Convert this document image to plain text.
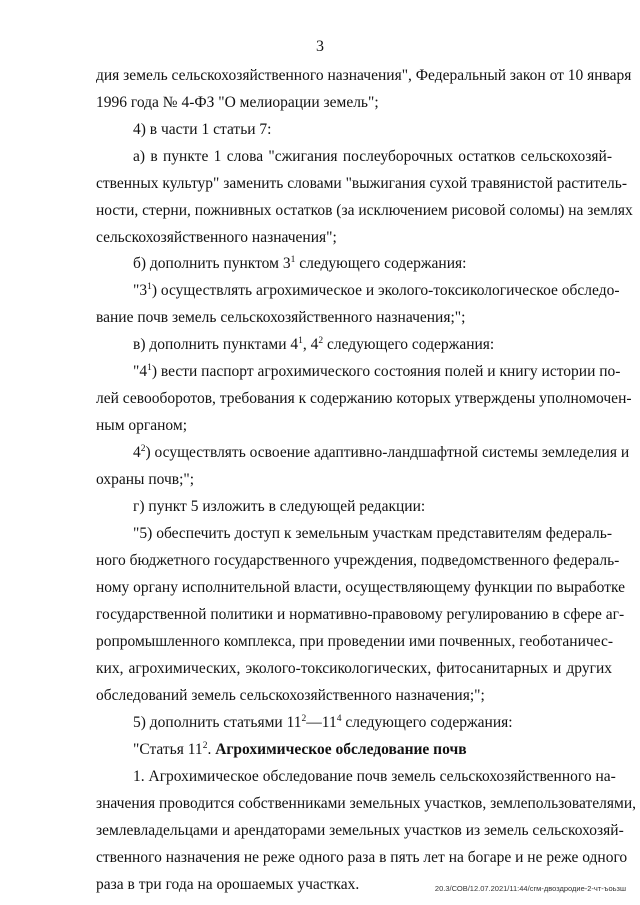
3
дия земель сельскохозяйственного назначения", Федеральный закон от 10 января
1996 года № 4-ФЗ "О мелиорации земель";
4) в части 1 статьи 7:
а) в пункте 1 слова "сжигания послеуборочных остатков сельскохозяй-
ственных культур" заменить словами "выжигания сухой травянистой раститель-
ности, стерни, пожнивных остатков (за исключением рисовой соломы) на землях
сельскохозяйственного назначения";
б) дополнить пунктом $3^1$ следующего содержания:
"$3^1$) осуществлять агрохимическое и эколого-токсикологическое обследо-
вание почв земель сельскохозяйственного назначения;";
в) дополнить пунктами $4^1$, $4^2$ следующего содержания:
"$4^1$) вести паспорт агрохимического состояния полей и книгу истории по-
лей севооборотов, требования к содержанию которых утверждены уполномочен-
ным органом;
$4^2$) осуществлять освоение адаптивно-ландшафтной системы земледелия и
охраны почв;";
г) пункт 5 изложить в следующей редакции:
"5) обеспечить доступ к земельным участкам представителям федераль-
ного бюджетного государственного учреждения, подведомственного федераль-
ному органу исполнительной власти, осуществляющему функции по выработке
государственной политики и нормативно-правовому регулированию в сфере аг-
ропромышленного комплекса, при проведении ими почвенных, геоботаничес-
ких, агрохимических, эколого-токсикологических, фитосанитарных и других
обследований земель сельскохозяйственного назначения;";
5) дополнить статьями $11^2—11^4$ следующего содержания:
"Статья $11^2$. Агрохимическое обследование почв
1. Агрохимическое обследование почв земель сельскохозяйственного на-
значения проводится собственниками земельных участков, землепользователями,
землевладельцами и арендаторами земельных участков из земель сельскохозяй-
ственного назначения не реже одного раза в пять лет на богаре и не реже одного
раза в три года на орошаемых участках.	20.3/СОВ/12.07.2021/11:44/сгм-двоздродие-2-чт-ъоьзш
